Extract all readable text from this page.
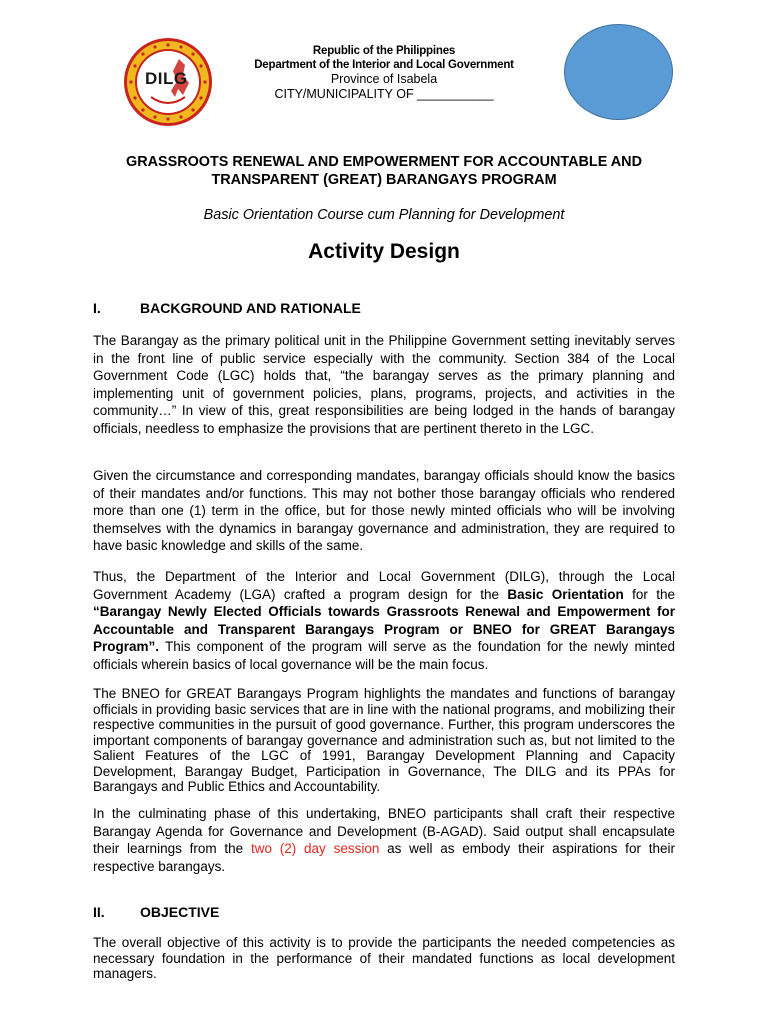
DILG
Republic of the Philippines
Department of the Interior and Local Government
Province of Isabela
CITY/MUNICIPALITY OF ___________
GRASSROOTS RENEWAL AND EMPOWERMENT FOR ACCOUNTABLE AND
TRANSPARENT (GREAT) BARANGAYS PROGRAM
Basic Orientation Course cum Planning for Development
Activity Design
I.	BACKGROUND AND RATIONALE

The Barangay as the primary political unit in the Philippine Government setting inevitably serves in the front line of public service especially with the community. Section 384 of the Local Government Code (LGC) holds that, “the barangay serves as the primary planning and implementing unit of government policies, plans, programs, projects, and activities in the community…” In view of this, great responsibilities are being lodged in the hands of barangay officials, needless to emphasize the provisions that are pertinent thereto in the LGC.

Given the circumstance and corresponding mandates, barangay officials should know the basics of their mandates and/or functions. This may not bother those barangay officials who rendered more than one (1) term in the office, but for those newly minted officials who will be involving themselves with the dynamics in barangay governance and administration, they are required to have basic knowledge and skills of the same.

Thus, the Department of the Interior and Local Government (DILG), through the Local Government Academy (LGA) crafted a program design for the Basic Orientation for the “Barangay Newly Elected Officials towards Grassroots Renewal and Empowerment for Accountable and Transparent Barangays Program or BNEO for GREAT Barangays Program”. This component of the program will serve as the foundation for the newly minted officials wherein basics of local governance will be the main focus.

The BNEO for GREAT Barangays Program highlights the mandates and functions of barangay officials in providing basic services that are in line with the national programs, and mobilizing their respective communities in the pursuit of good governance. Further, this program underscores the important components of barangay governance and administration such as, but not limited to the Salient Features of the LGC of 1991, Barangay Development Planning and Capacity Development, Barangay Budget, Participation in Governance, The DILG and its PPAs for Barangays and Public Ethics and Accountability.

In the culminating phase of this undertaking, BNEO participants shall craft their respective Barangay Agenda for Governance and Development (B-AGAD). Said output shall encapsulate their learnings from the two (2) day session as well as embody their aspirations for their respective barangays.

II.	OBJECTIVE

The overall objective of this activity is to provide the participants the needed competencies as necessary foundation in the performance of their mandated functions as local development managers.
